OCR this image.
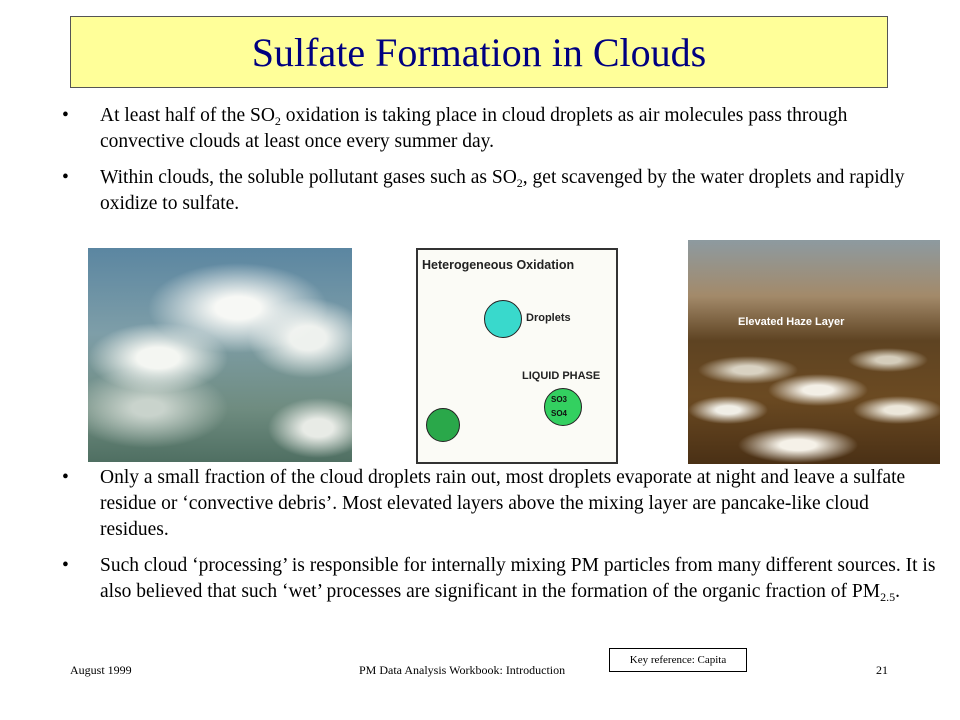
Sulfate Formation in Clouds
• At least half of the $SO_2$ oxidation is taking place in cloud droplets as air molecules pass through convective clouds at least once every summer day.
• Within clouds, the soluble pollutant gases such as $SO_2$, get scavenged by the water droplets and rapidly oxidize to sulfate.
Heterogeneous Oxidation
Droplets
LIQUID PHASE
SO3
SO4
Elevated Haze Layer
• Only a small fraction of the cloud droplets rain out, most droplets evaporate at night and leave a sulfate residue or ‘convective debris’. Most elevated layers above the mixing layer are pancake-like cloud residues.
• Such cloud ‘processing’ is responsible for internally mixing PM particles from many different sources. It is also believed that such ‘wet’ processes are significant in the formation of the organic fraction of $PM_{2.5}$.
August 1999	PM Data Analysis Workbook: Introduction
Key reference: Capita
21
